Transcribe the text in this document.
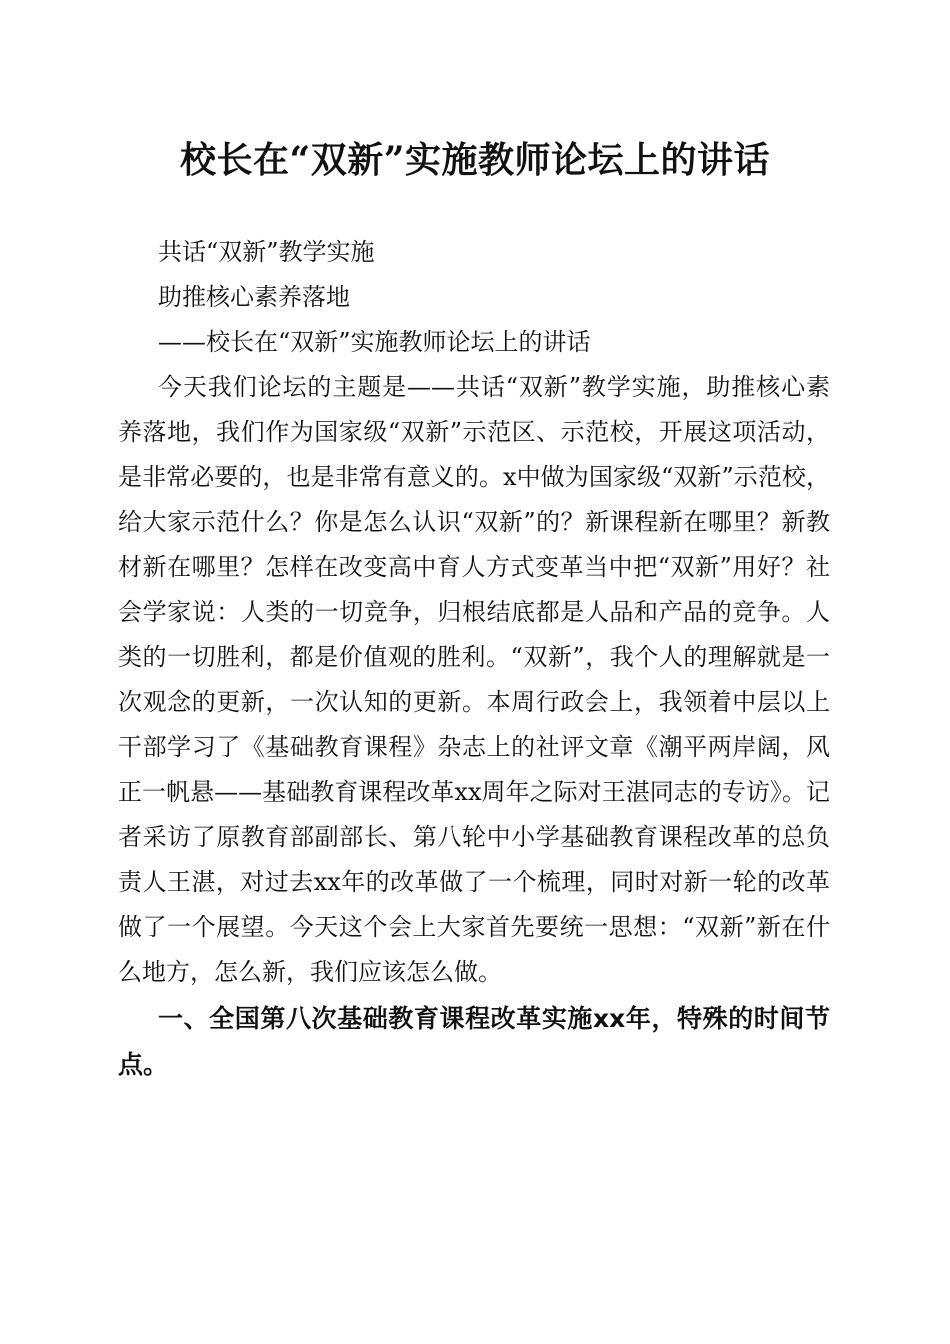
校长在“双新”实施教师论坛上的讲话

共话“双新”教学实施

助推核心素养落地

——校长在“双新”实施教师论坛上的讲话

今天我们论坛的主题是——共话“双新”教学实施，助推核心素养落地，我们作为国家级“双新”示范区、示范校，开展这项活动，是非常必要的，也是非常有意义的。x中做为国家级“双新”示范校，给大家示范什么？你是怎么认识“双新”的？新课程新在哪里？新教材新在哪里？怎样在改变高中育人方式变革当中把“双新”用好？社会学家说：人类的一切竞争，归根结底都是人品和产品的竞争。人类的一切胜利，都是价值观的胜利。“双新”，我个人的理解就是一次观念的更新，一次认知的更新。本周行政会上，我领着中层以上干部学习了《基础教育课程》杂志上的社评文章《潮平两岸阔，风正一帆悬——基础教育课程改革xx周年之际对王湛同志的专访》。记者采访了原教育部副部长、第八轮中小学基础教育课程改革的总负责人王湛，对过去xx年的改革做了一个梳理，同时对新一轮的改革做了一个展望。今天这个会上大家首先要统一思想：“双新”新在什么地方，怎么新，我们应该怎么做。

一、全国第八次基础教育课程改革实施xx年，特殊的时间节点。
